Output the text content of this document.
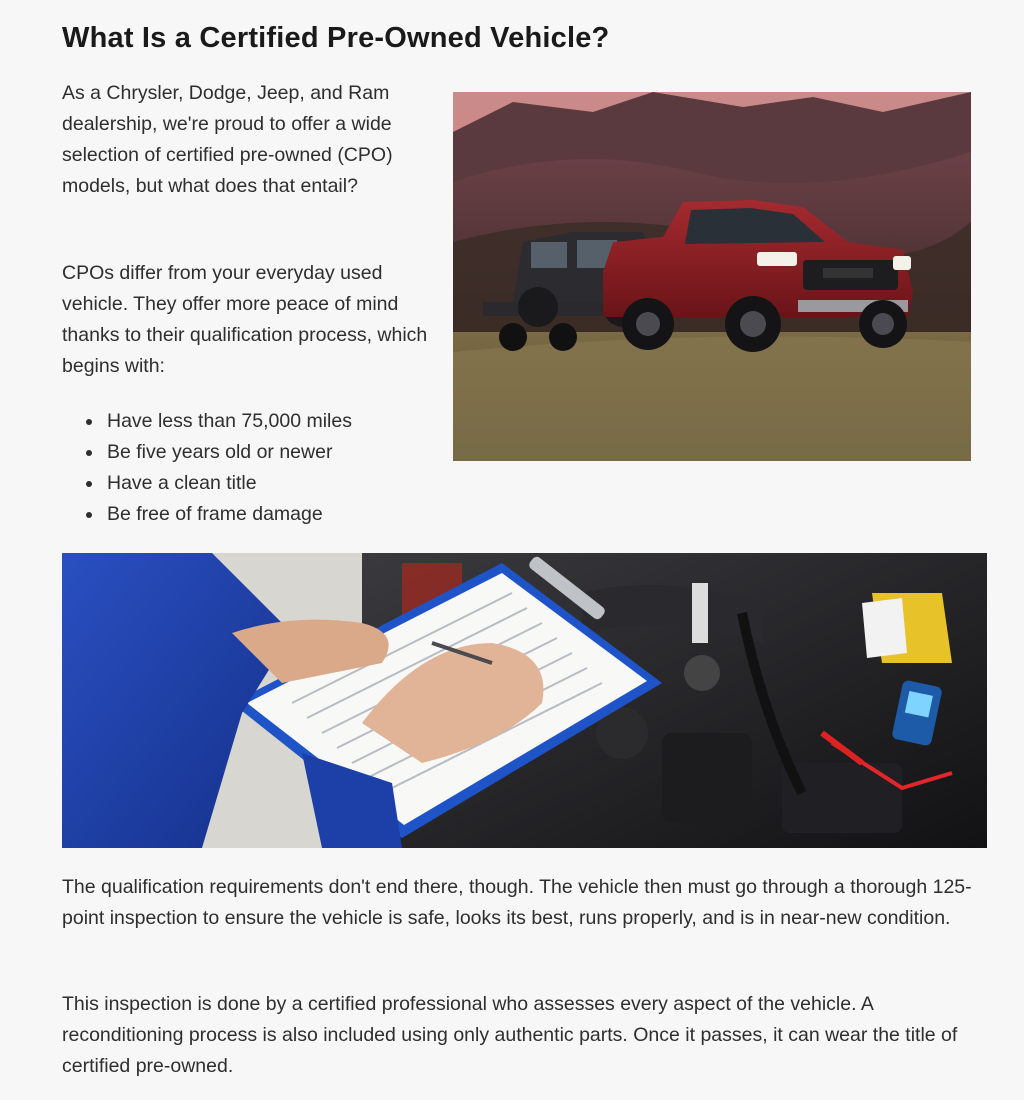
What Is a Certified Pre-Owned Vehicle?

As a Chrysler, Dodge, Jeep, and Ram dealership, we're proud to offer a wide selection of certified pre-owned (CPO) models, but what does that entail?

CPOs differ from your everyday used vehicle. They offer more peace of mind thanks to their qualification process, which begins with:

Have less than 75,000 miles
Be five years old or newer
Have a clean title
Be free of frame damage

The qualification requirements don't end there, though. The vehicle then must go through a thorough 125-point inspection to ensure the vehicle is safe, looks its best, runs properly, and is in near-new condition.

This inspection is done by a certified professional who assesses every aspect of the vehicle. A reconditioning process is also included using only authentic parts. Once it passes, it can wear the title of certified pre-owned.
